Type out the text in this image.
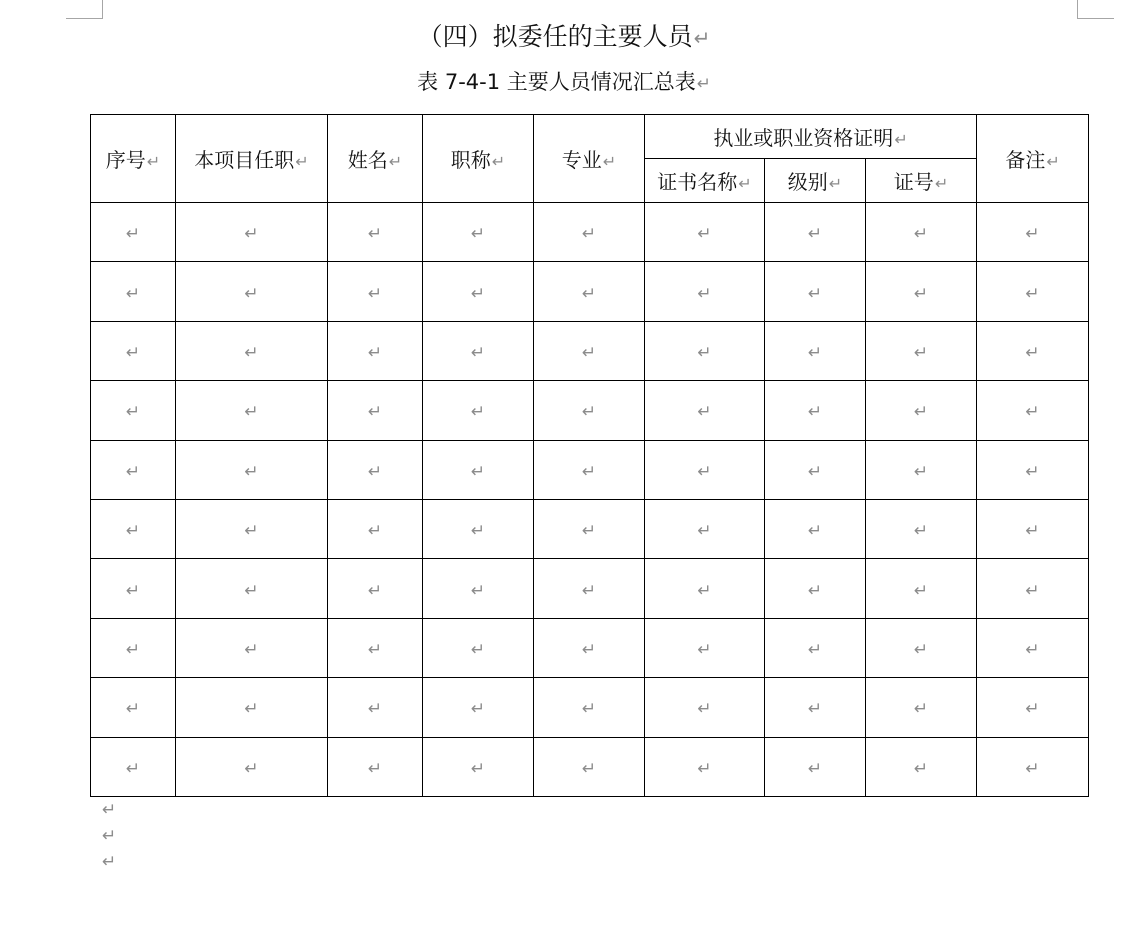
（四）拟委任的主要人员↵
表 7-4-1 主要人员情况汇总表↵
序号↵	本项目任职↵	姓名↵	职称↵	专业↵	执业或职业资格证明↵			备注↵
					证书名称↵	级别↵	证号↵	
↵	↵	↵	↵	↵	↵	↵	↵	↵
↵	↵	↵	↵	↵	↵	↵	↵	↵
↵	↵	↵	↵	↵	↵	↵	↵	↵
↵	↵	↵	↵	↵	↵	↵	↵	↵
↵	↵	↵	↵	↵	↵	↵	↵	↵
↵	↵	↵	↵	↵	↵	↵	↵	↵
↵	↵	↵	↵	↵	↵	↵	↵	↵
↵	↵	↵	↵	↵	↵	↵	↵	↵
↵	↵	↵	↵	↵	↵	↵	↵	↵
↵	↵	↵	↵	↵	↵	↵	↵	↵
↵
↵
↵
